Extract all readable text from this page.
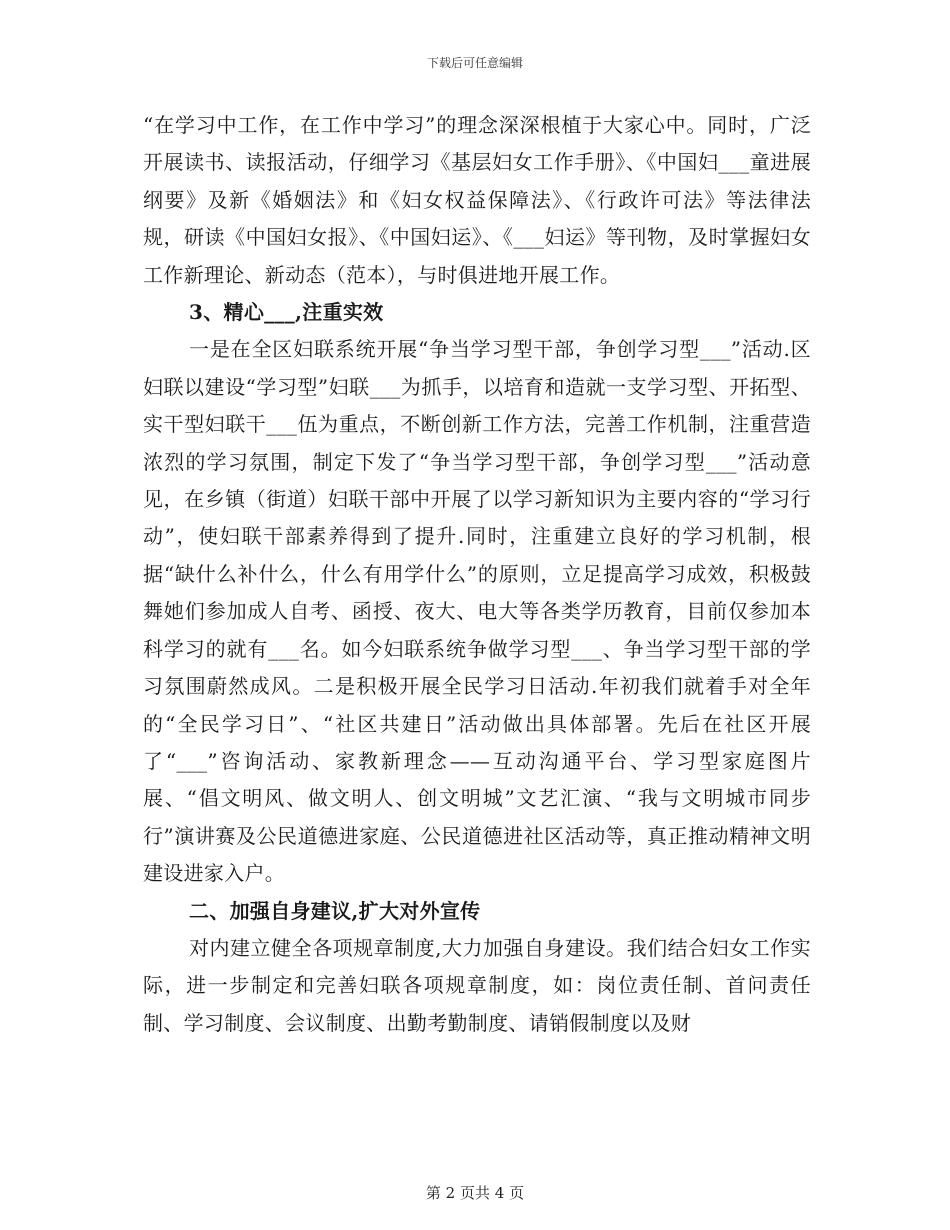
下载后可任意编辑

“在学习中工作，在工作中学习”的理念深深根植于大家心中。同时，广泛开展读书、读报活动，仔细学习《基层妇女工作手册》、《中国妇___童进展纲要》及新《婚姻法》和《妇女权益保障法》、《行政许可法》等法律法规，研读《中国妇女报》、《中国妇运》、《___妇运》等刊物，及时掌握妇女工作新理论、新动态（范本），与时俱进地开展工作。

3、精心___,注重实效

一是在全区妇联系统开展“争当学习型干部，争创学习型___”活动.区妇联以建设“学习型”妇联___为抓手，以培育和造就一支学习型、开拓型、实干型妇联干___伍为重点，不断创新工作方法，完善工作机制，注重营造浓烈的学习氛围，制定下发了“争当学习型干部，争创学习型___”活动意见，在乡镇（街道）妇联干部中开展了以学习新知识为主要内容的“学习行动”，使妇联干部素养得到了提升.同时，注重建立良好的学习机制，根据“缺什么补什么，什么有用学什么”的原则，立足提高学习成效，积极鼓舞她们参加成人自考、函授、夜大、电大等各类学历教育，目前仅参加本科学习的就有___名。如今妇联系统争做学习型___、争当学习型干部的学习氛围蔚然成风。二是积极开展全民学习日活动.年初我们就着手对全年的“全民学习日”、“社区共建日”活动做出具体部署。先后在社区开展了“___”咨询活动、家教新理念——互动沟通平台、学习型家庭图片展、“倡文明风、做文明人、创文明城”文艺汇演、“我与文明城市同步行”演讲赛及公民道德进家庭、公民道德进社区活动等，真正推动精神文明建设进家入户。

二、加强自身建议,扩大对外宣传

对内建立健全各项规章制度,大力加强自身建设。我们结合妇女工作实际，进一步制定和完善妇联各项规章制度，如：岗位责任制、首问责任制、学习制度、会议制度、出勤考勤制度、请销假制度以及财

第 2 页共 4 页
